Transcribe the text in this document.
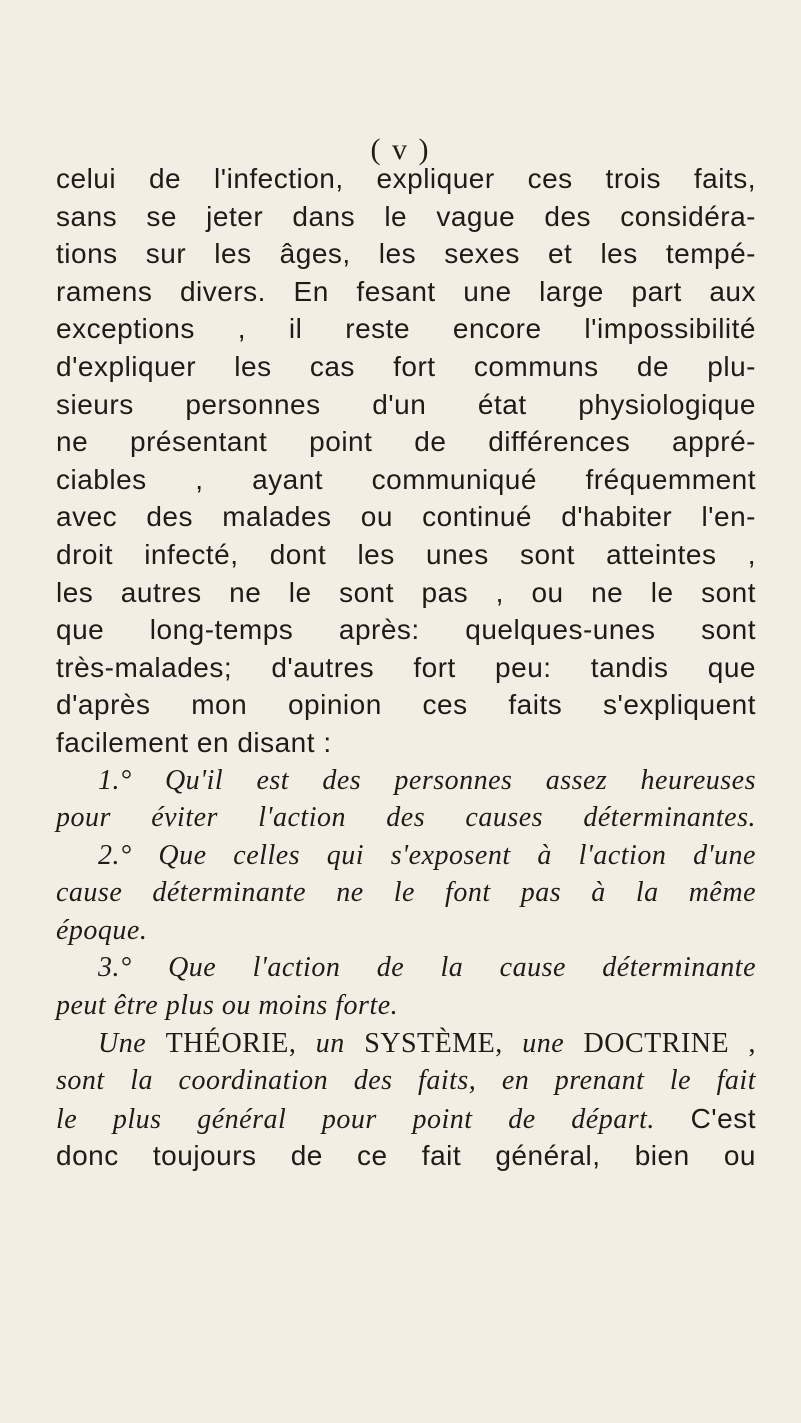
( v )
celui de l'infection, expliquer ces trois faits,
sans se jeter dans le vague des considéra-
tions sur les âges, les sexes et les tempé-
ramens divers. En fesant une large part aux
exceptions , il reste encore l'impossibilité
d'expliquer les cas fort communs de plu-
sieurs personnes d'un état physiologique
ne présentant point de différences appré-
ciables , ayant communiqué fréquemment
avec des malades ou continué d'habiter l'en-
droit infecté, dont les unes sont atteintes ,
les autres ne le sont pas , ou ne le sont
que long-temps après: quelques-unes sont
très-malades; d'autres fort peu: tandis que
d'après mon opinion ces faits s'expliquent
facilement en disant :
1.° Qu'il est des personnes assez heureuses
pour éviter l'action des causes déterminantes.
2.° Que celles qui s'exposent à l'action d'une
cause déterminante ne le font pas à la même
époque.
3.° Que l'action de la cause déterminante
peut être plus ou moins forte.
Une THÉORIE, un SYSTÈME, une DOCTRINE ,
sont la coordination des faits, en prenant le fait
le plus général pour point de départ. C'est
donc toujours de ce fait général, bien ou
